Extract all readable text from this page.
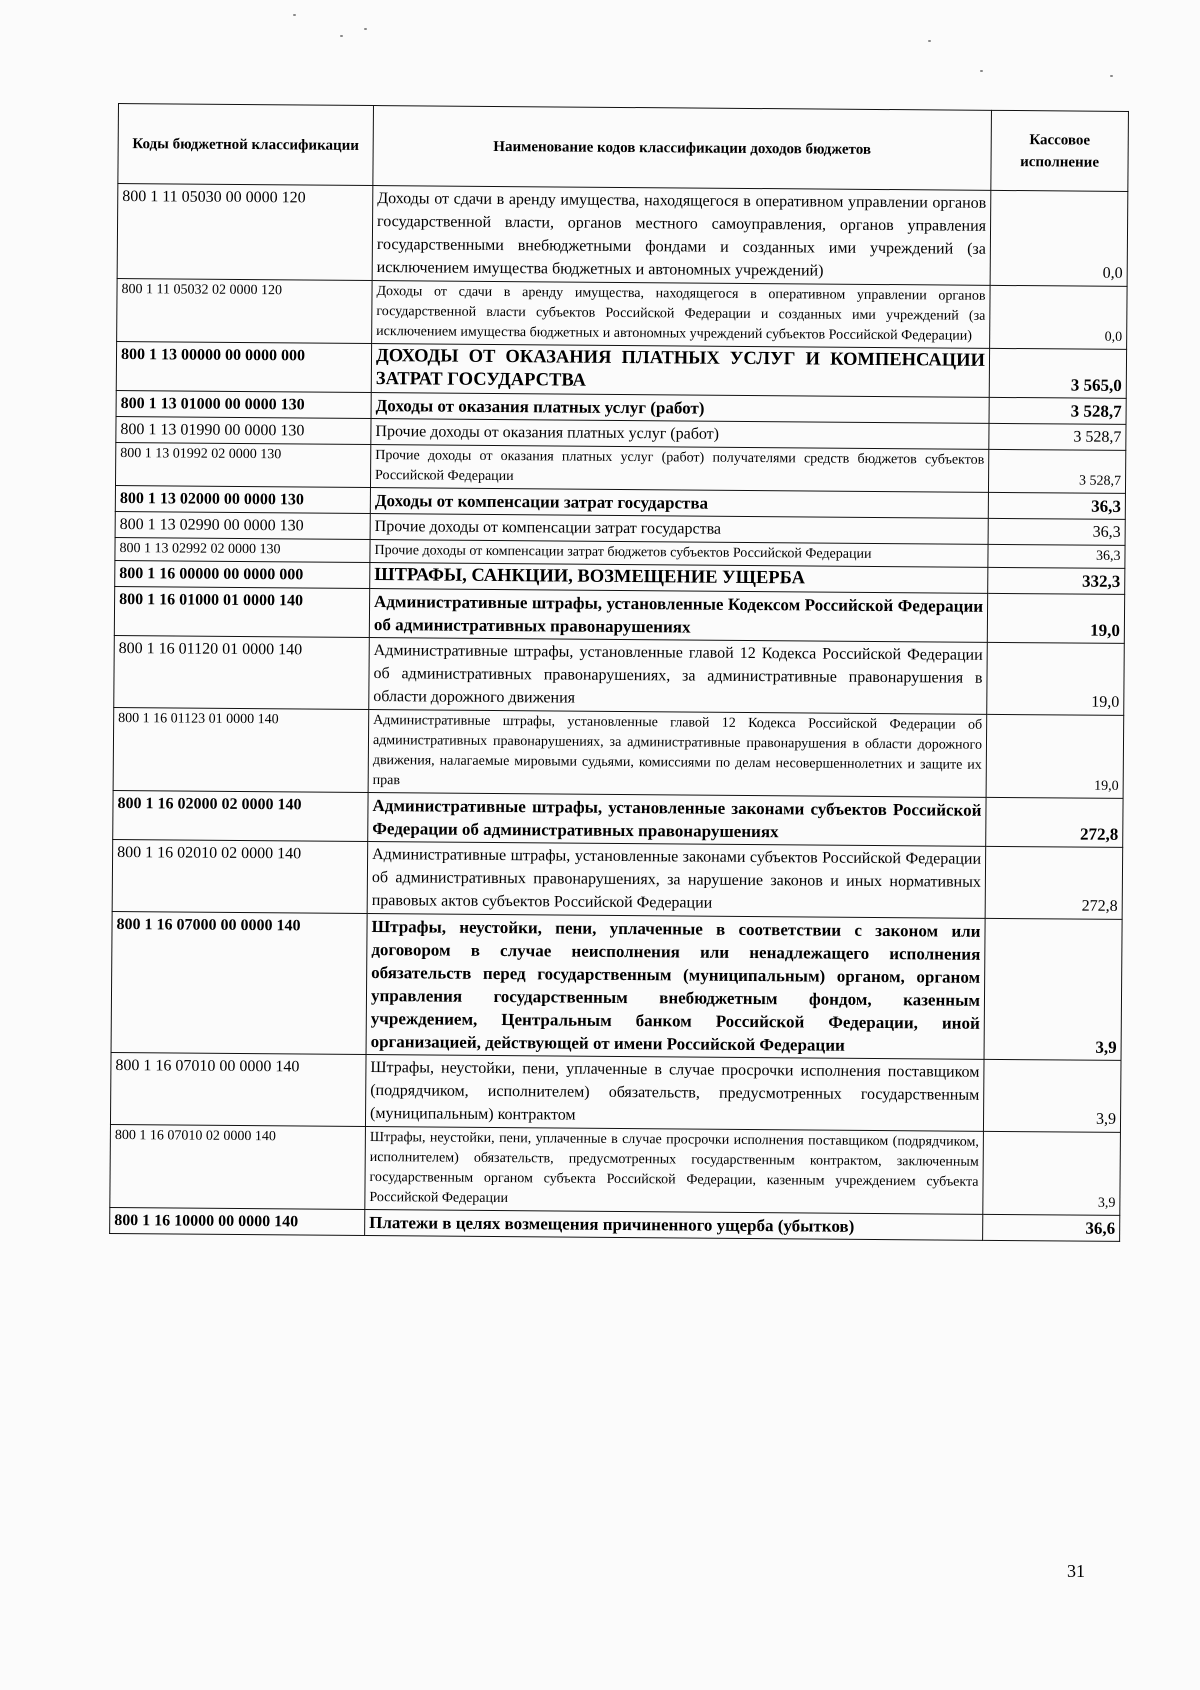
Коды бюджетной классификации	Наименование кодов классификации доходов бюджетов	Кассовое исполнение
800 1 11 05030 00 0000 120	Доходы от сдачи в аренду имущества, находящегося в оперативном управлении органов государственной власти, органов местного самоуправления, органов управления государственными внебюджетными фондами и созданных ими учреждений (за исключением имущества бюджетных и автономных учреждений)	0,0
800 1 11 05032 02 0000 120	Доходы от сдачи в аренду имущества, находящегося в оперативном управлении органов государственной власти субъектов Российской Федерации и созданных ими учреждений (за исключением имущества бюджетных и автономных учреждений субъектов Российской Федерации)	0,0
800 1 13 00000 00 0000 000	ДОХОДЫ ОТ ОКАЗАНИЯ ПЛАТНЫХ УСЛУГ И КОМПЕНСАЦИИ ЗАТРАТ ГОСУДАРСТВА	3 565,0
800 1 13 01000 00 0000 130	Доходы от оказания платных услуг (работ)	3 528,7
800 1 13 01990 00 0000 130	Прочие доходы от оказания платных услуг (работ)	3 528,7
800 1 13 01992 02 0000 130	Прочие доходы от оказания платных услуг (работ) получателями средств бюджетов субъектов Российской Федерации	3 528,7
800 1 13 02000 00 0000 130	Доходы от компенсации затрат государства	36,3
800 1 13 02990 00 0000 130	Прочие доходы от компенсации затрат государства	36,3
800 1 13 02992 02 0000 130	Прочие доходы от компенсации затрат бюджетов субъектов Российской Федерации	36,3
800 1 16 00000 00 0000 000	ШТРАФЫ, САНКЦИИ, ВОЗМЕЩЕНИЕ УЩЕРБА	332,3
800 1 16 01000 01 0000 140	Административные штрафы, установленные Кодексом Российской Федерации об административных правонарушениях	19,0
800 1 16 01120 01 0000 140	Административные штрафы, установленные главой 12 Кодекса Российской Федерации об административных правонарушениях, за административные правонарушения в области дорожного движения	19,0
800 1 16 01123 01 0000 140	Административные штрафы, установленные главой 12 Кодекса Российской Федерации об административных правонарушениях, за административные правонарушения в области дорожного движения, налагаемые мировыми судьями, комиссиями по делам несовершеннолетних и защите их прав	19,0
800 1 16 02000 02 0000 140	Административные штрафы, установленные законами субъектов Российской Федерации об административных правонарушениях	272,8
800 1 16 02010 02 0000 140	Административные штрафы, установленные законами субъектов Российской Федерации об административных правонарушениях, за нарушение законов и иных нормативных правовых актов субъектов Российской Федерации	272,8
800 1 16 07000 00 0000 140	Штрафы, неустойки, пени, уплаченные в соответствии с законом или договором в случае неисполнения или ненадлежащего исполнения обязательств перед государственным (муниципальным) органом, органом управления государственным внебюджетным фондом, казенным учреждением, Центральным банком Российской Федерации, иной организацией, действующей от имени Российской Федерации	3,9
800 1 16 07010 00 0000 140	Штрафы, неустойки, пени, уплаченные в случае просрочки исполнения поставщиком (подрядчиком, исполнителем) обязательств, предусмотренных государственным (муниципальным) контрактом	3,9
800 1 16 07010 02 0000 140	Штрафы, неустойки, пени, уплаченные в случае просрочки исполнения поставщиком (подрядчиком, исполнителем) обязательств, предусмотренных государственным контрактом, заключенным государственным органом субъекта Российской Федерации, казенным учреждением субъекта Российской Федерации	3,9
800 1 16 10000 00 0000 140	Платежи в целях возмещения причиненного ущерба (убытков)	36,6
31
